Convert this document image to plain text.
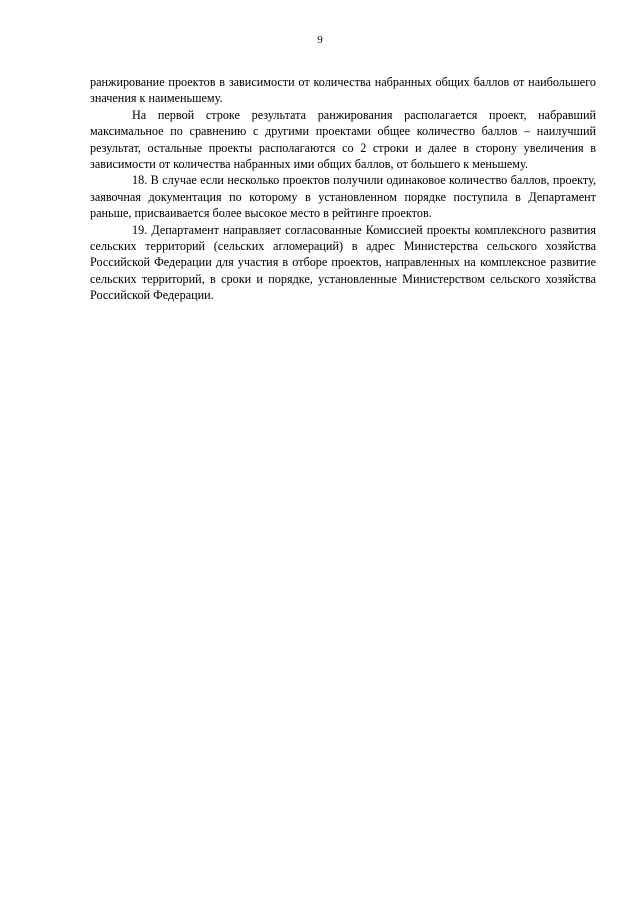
9

ранжирование проектов в зависимости от количества набранных общих баллов от наибольшего значения к наименьшему.

На первой строке результата ранжирования располагается проект, набравший максимальное по сравнению с другими проектами общее количество баллов – наилучший результат, остальные проекты располагаются со 2 строки и далее в сторону увеличения в зависимости от количества набранных ими общих баллов, от большего к меньшему.

18. В случае если несколько проектов получили одинаковое количество баллов, проекту, заявочная документация по которому в установленном порядке поступила в Департамент раньше, присваивается более высокое место в рейтинге проектов.

19. Департамент направляет согласованные Комиссией проекты комплексного развития сельских территорий (сельских агломераций) в адрес Министерства сельского хозяйства Российской Федерации для участия в отборе проектов, направленных на комплексное развитие сельских территорий, в сроки и порядке, установленные Министерством сельского хозяйства Российской Федерации.
